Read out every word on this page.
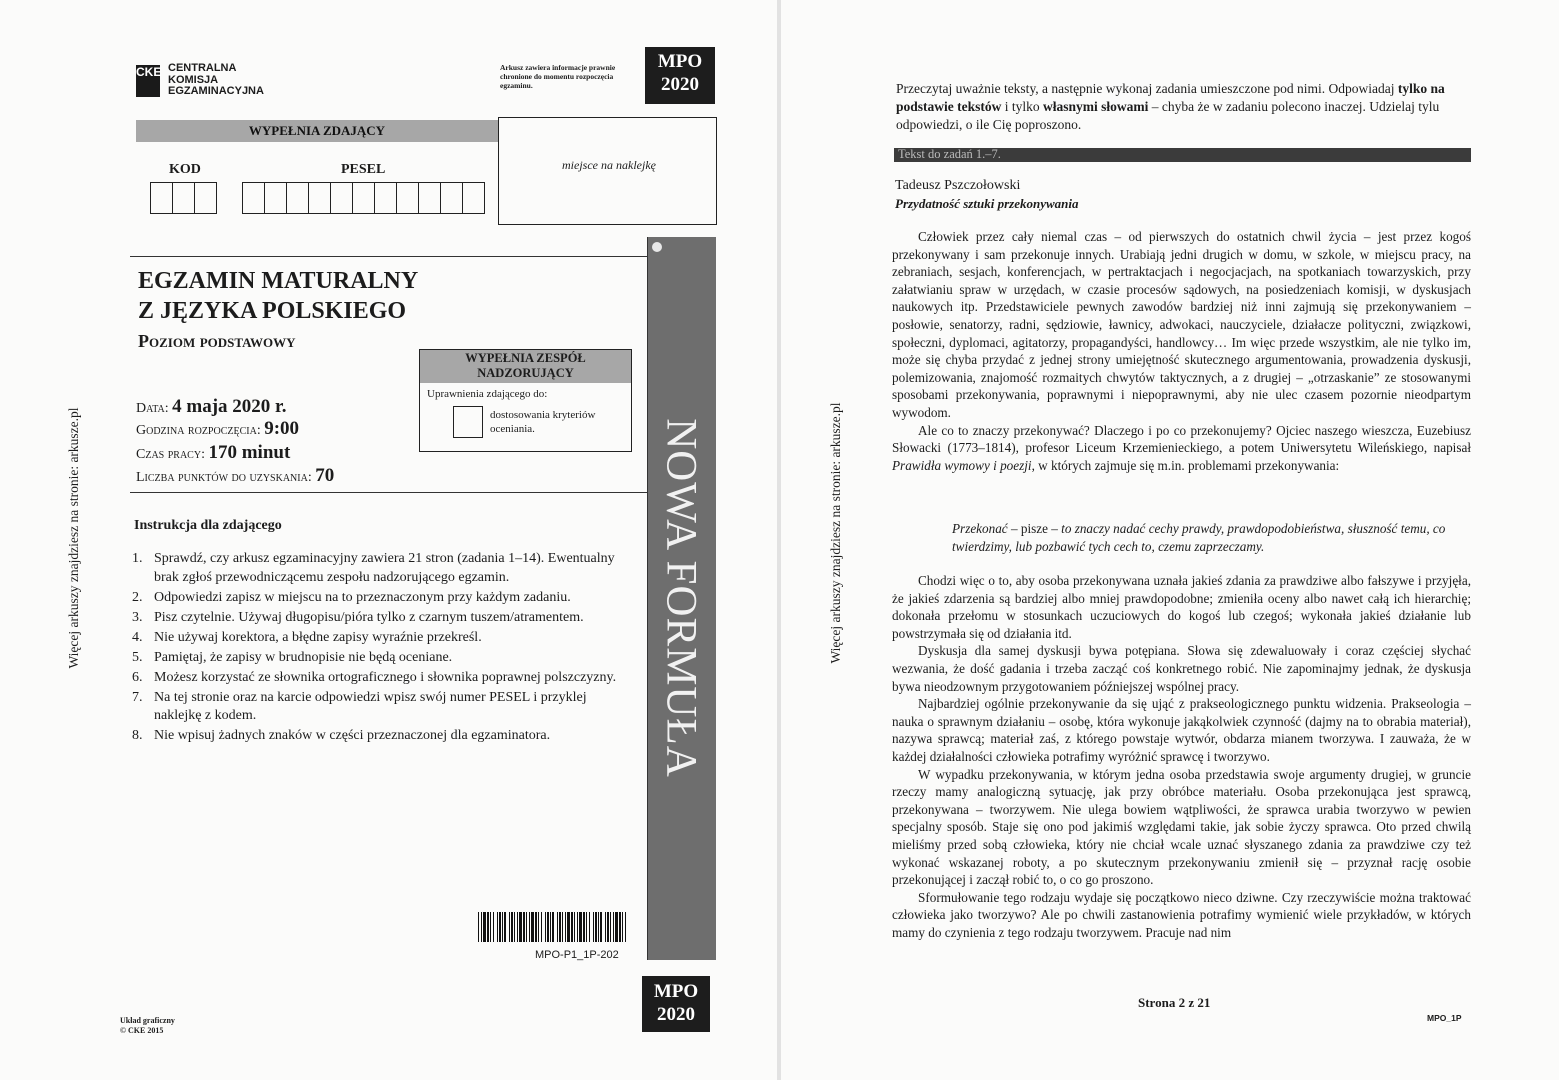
Więcej arkuszy znajdziesz na stronie: arkusze.pl
CKE CENTRALNA
KOMISJA
EGZAMINACYJNA
Arkusz zawiera informacje prawnie chronione do momentu rozpoczęcia egzaminu.
MPO
2020
WYPEŁNIA ZDAJĄCY
KOD	PESEL	miejsce na naklejkę
EGZAMIN MATURALNY
Z JĘZYKA POLSKIEGO
Poziom podstawowy
WYPEŁNIA ZESPÓŁ NADZORUJĄCY
Uprawnienia zdającego do:
dostosowania kryteriów oceniania.
Data: 4 maja 2020 r.
Godzina rozpoczęcia: 9:00
Czas pracy: 170 minut
Liczba punktów do uzyskania: 70
Instrukcja dla zdającego
1. Sprawdź, czy arkusz egzaminacyjny zawiera 21 stron (zadania 1–14). Ewentualny brak zgłoś przewodniczącemu zespołu nadzorującego egzamin.
2. Odpowiedzi zapisz w miejscu na to przeznaczonym przy każdym zadaniu.
3. Pisz czytelnie. Używaj długopisu/pióra tylko z czarnym tuszem/atramentem.
4. Nie używaj korektora, a błędne zapisy wyraźnie przekreśl.
5. Pamiętaj, że zapisy w brudnopisie nie będą oceniane.
6. Możesz korzystać ze słownika ortograficznego i słownika poprawnej polszczyzny.
7. Na tej stronie oraz na karcie odpowiedzi wpisz swój numer PESEL i przyklej naklejkę z kodem.
8. Nie wpisuj żadnych znaków w części przeznaczonej dla egzaminatora.	NOWA FORMUŁA
MPO-P1_1P-202
MPO
2020
Układ graficzny
© CKE 2015
Więcej arkuszy znajdziesz na stronie: arkusze.pl

Przeczytaj uważnie teksty, a następnie wykonaj zadania umieszczone pod nimi. Odpowiadaj tylko na podstawie tekstów i tylko własnymi słowami – chyba że w zadaniu polecono inaczej. Udzielaj tylu odpowiedzi, o ile Cię poproszono.

Tekst do zadań 1.–7.
Tadeusz Pszczołowski
Przydatność sztuki przekonywania

Człowiek przez cały niemal czas – od pierwszych do ostatnich chwil życia – jest przez kogoś przekonywany i sam przekonuje innych. Urabiają jedni drugich w domu, w szkole, w miejscu pracy, na zebraniach, sesjach, konferencjach, w pertraktacjach i negocjacjach, na spotkaniach towarzyskich, przy załatwianiu spraw w urzędach, w czasie procesów sądowych, na posiedzeniach komisji, w dyskusjach naukowych itp. Przedstawiciele pewnych zawodów bardziej niż inni zajmują się przekonywaniem – posłowie, senatorzy, radni, sędziowie, ławnicy, adwokaci, nauczyciele, działacze polityczni, związkowi, społeczni, dyplomaci, agitatorzy, propagandyści, handlowcy… Im więc przede wszystkim, ale nie tylko im, może się chyba przydać z jednej strony umiejętność skutecznego argumentowania, prowadzenia dyskusji, polemizowania, znajomość rozmaitych chwytów taktycznych, a z drugiej – „otrzaskanie” ze stosowanymi sposobami przekonywania, poprawnymi i niepoprawnymi, aby nie ulec czasem pozornie nieodpartym wywodom.

Ale co to znaczy przekonywać? Dlaczego i po co przekonujemy? Ojciec naszego wieszcza, Euzebiusz Słowacki (1773–1814), profesor Liceum Krzemienieckiego, a potem Uniwersytetu Wileńskiego, napisał Prawidła wymowy i poezji, w których zajmuje się m.in. problemami przekonywania:

Przekonać – pisze – to znaczy nadać cechy prawdy, prawdopodobieństwa, słuszność temu, co twierdzimy, lub pozbawić tych cech to, czemu zaprzeczamy.

Chodzi więc o to, aby osoba przekonywana uznała jakieś zdania za prawdziwe albo fałszywe i przyjęła, że jakieś zdarzenia są bardziej albo mniej prawdopodobne; zmieniła oceny albo nawet całą ich hierarchię; dokonała przełomu w stosunkach uczuciowych do kogoś lub czegoś; wykonała jakieś działanie lub powstrzymała się od działania itd.

Dyskusja dla samej dyskusji bywa potępiana. Słowa się zdewaluowały i coraz częściej słychać wezwania, że dość gadania i trzeba zacząć coś konkretnego robić. Nie zapominajmy jednak, że dyskusja bywa nieodzownym przygotowaniem późniejszej wspólnej pracy.

Najbardziej ogólnie przekonywanie da się ująć z prakseologicznego punktu widzenia. Prakseologia – nauka o sprawnym działaniu – osobę, która wykonuje jakąkolwiek czynność (dajmy na to obrabia materiał), nazywa sprawcą; materiał zaś, z którego powstaje wytwór, obdarza mianem tworzywa. I zauważa, że w każdej działalności człowieka potrafimy wyróżnić sprawcę i tworzywo.

W wypadku przekonywania, w którym jedna osoba przedstawia swoje argumenty drugiej, w gruncie rzeczy mamy analogiczną sytuację, jak przy obróbce materiału. Osoba przekonująca jest sprawcą, przekonywana – tworzywem. Nie ulega bowiem wątpliwości, że sprawca urabia tworzywo w pewien specjalny sposób. Staje się ono pod jakimiś względami takie, jak sobie życzy sprawca. Oto przed chwilą mieliśmy przed sobą człowieka, który nie chciał wcale uznać słyszanego zdania za prawdziwe czy też wykonać wskazanej roboty, a po skutecznym przekonywaniu zmienił się – przyznał rację osobie przekonującej i zaczął robić to, o co go proszono.

Sformułowanie tego rodzaju wydaje się początkowo nieco dziwne. Czy rzeczywiście można traktować człowieka jako tworzywo? Ale po chwili zastanowienia potrafimy wymienić wiele przykładów, w których mamy do czynienia z tego rodzaju tworzywem. Pracuje nad nim

Strona 2 z 21
MPO_1P
